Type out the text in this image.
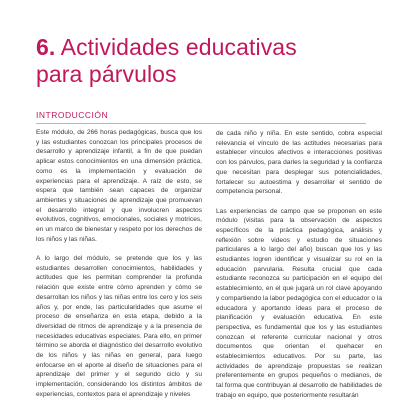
6. Actividades educativas
para párvulos
INTRODUCCIÓN

Este módulo, de 266 horas pedagógicas, busca que los y las estudiantes conozcan los principales procesos de desarrollo y aprendizaje infantil, a fin de que puedan aplicar estos conocimientos en una dimensión práctica, como es la implementación y evaluación de experiencias para el aprendizaje. A raíz de esto, se espera que también sean capaces de organizar ambientes y situaciones de aprendizaje que promuevan el desarrollo integral y que involucren aspectos evolutivos, cognitivos, emocionales, sociales y motrices, en un marco de bienestar y respeto por los derechos de los niños y las niñas.

A lo largo del módulo, se pretende que los y las estudiantes desarrollen conocimientos, habilidades y actitudes que les permitan comprender la profunda relación que existe entre cómo aprenden y cómo se desarrollan los niños y las niñas entre los cero y los seis años y, por ende, las particularidades que asume el proceso de enseñanza en esta etapa, debido a la diversidad de ritmos de aprendizaje y a la presencia de necesidades educativas especiales. Para ello, en primer término se aborda el diagnóstico del desarrollo evolutivo de los niños y las niñas en general, para luego enfocarse en el aporte al diseño de situaciones para el aprendizaje del primer y el segundo ciclo y su implementación, considerando los distintos ámbitos de experiencias, contextos para el aprendizaje y niveles

de cada niño y niña. En este sentido, cobra especial relevancia el vínculo de las actitudes necesarias para establecer vínculos afectivos e interacciones positivas con los párvulos, para darles la seguridad y la confianza que necesitan para desplegar sus potencialidades, fortalecer su autoestima y desarrollar el sentido de competencia personal.

Las experiencias de campo que se proponen en este módulo (visitas para la observación de aspectos específicos de la práctica pedagógica, análisis y reflexión sobre videos y estudio de situaciones particulares a lo largo del año) buscan que los y las estudiantes logren identificar y visualizar su rol en la educación parvularia. Resulta crucial que cada estudiante reconozca su participación en el equipo del establecimiento, en el que jugará un rol clave apoyando y compartiendo la labor pedagógica con el educador o la educadora y aportando ideas para el proceso de planificación y evaluación educativa. En este perspectiva, es fundamental que los y las estudiantes conozcan el referente curricular nacional y otros documentos que orientan el quehacer en establecimientos educativos. Por su parte, las actividades de aprendizaje propuestas se realizan preferentemente en grupos pequeños o medianos, de tal forma que contribuyan al desarrollo de habilidades de trabajo en equipo, que posteriormente resultarán
